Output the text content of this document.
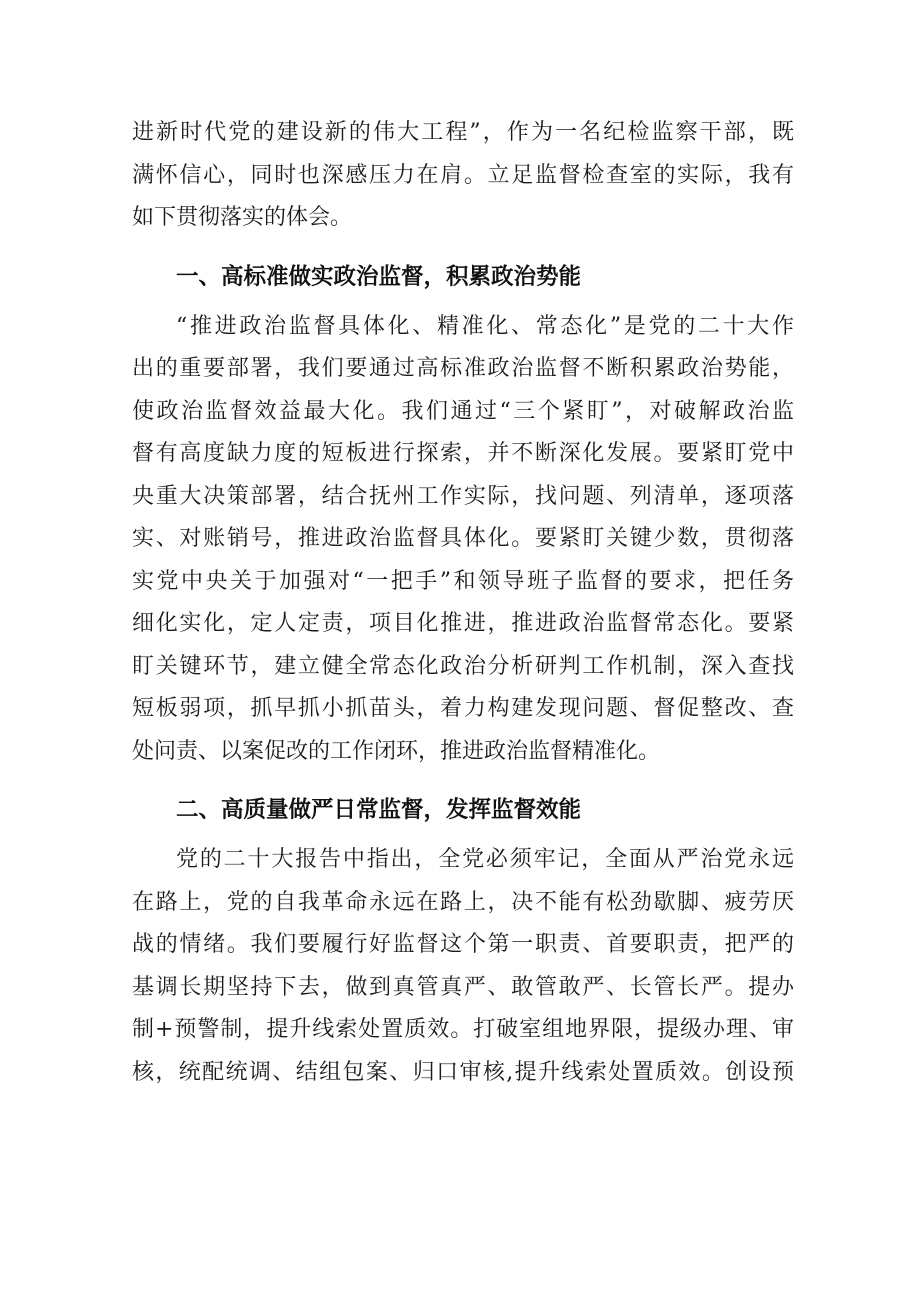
进新时代党的建设新的伟大工程”，作为一名纪检监察干部，既
满怀信心，同时也深感压力在肩。立足监督检查室的实际，我有
如下贯彻落实的体会。
一、高标准做实政治监督，积累政治势能
“推进政治监督具体化、精准化、常态化”是党的二十大作
出的重要部署，我们要通过高标准政治监督不断积累政治势能，
使政治监督效益最大化。我们通过“三个紧盯”，对破解政治监
督有高度缺力度的短板进行探索，并不断深化发展。要紧盯党中
央重大决策部署，结合抚州工作实际，找问题、列清单，逐项落
实、对账销号，推进政治监督具体化。要紧盯关键少数，贯彻落
实党中央关于加强对“一把手”和领导班子监督的要求，把任务
细化实化，定人定责，项目化推进，推进政治监督常态化。要紧
盯关键环节，建立健全常态化政治分析研判工作机制，深入查找
短板弱项，抓早抓小抓苗头，着力构建发现问题、督促整改、查
处问责、以案促改的工作闭环，推进政治监督精准化。
二、高质量做严日常监督，发挥监督效能
党的二十大报告中指出，全党必须牢记，全面从严治党永远
在路上，党的自我革命永远在路上，决不能有松劲歇脚、疲劳厌
战的情绪。我们要履行好监督这个第一职责、首要职责，把严的
基调长期坚持下去，做到真管真严、敢管敢严、长管长严。提办
制+预警制，提升线索处置质效。打破室组地界限，提级办理、审
核，统配统调、结组包案、归口审核,提升线索处置质效。创设预
